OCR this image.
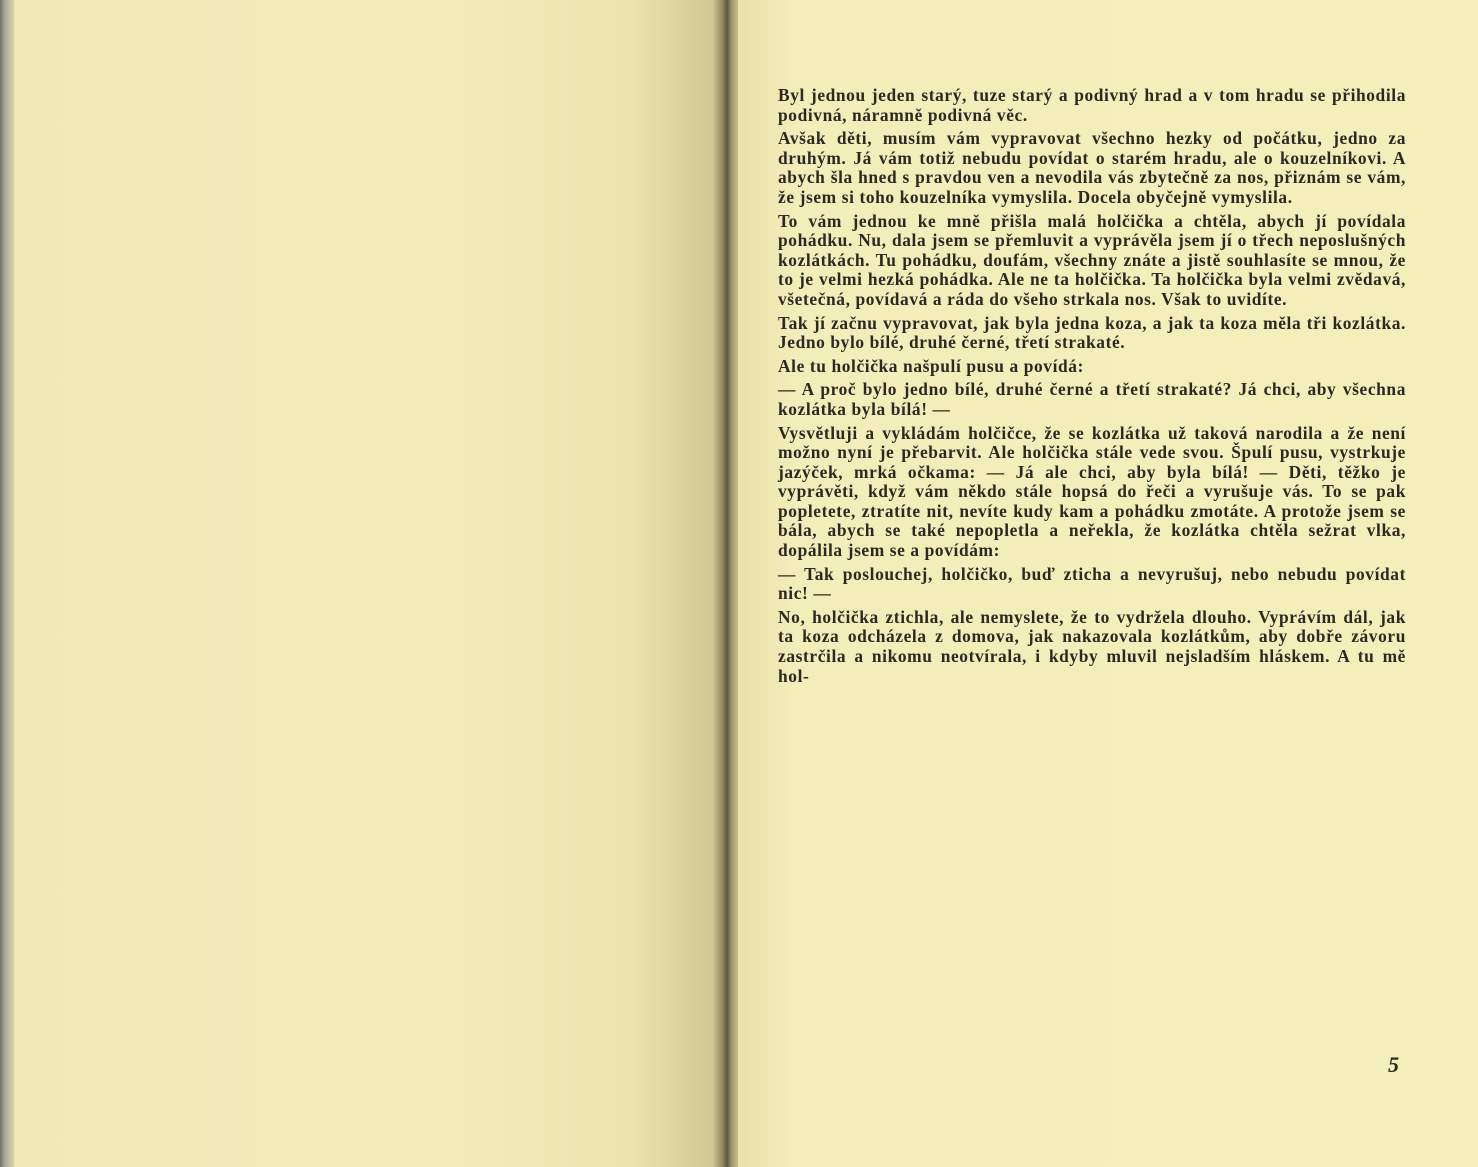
Byl jednou jeden starý, tuze starý a podivný hrad a v tom hradu se přihodila podivná, náramně podivná věc.

Avšak děti, musím vám vypravovat všechno hezky od počátku, jedno za druhým. Já vám totiž nebudu povídat o starém hradu, ale o kouzelníkovi. A abych šla hned s pravdou ven a nevodila vás zbytečně za nos, přiznám se vám, že jsem si toho kouzelníka vymyslila. Docela obyčejně vymyslila.

To vám jednou ke mně přišla malá holčička a chtěla, abych jí povídala pohádku. Nu, dala jsem se přemluvit a vyprávěla jsem jí o třech neposlušných kozlátkách. Tu pohádku, doufám, všechny znáte a jistě souhlasíte se mnou, že to je velmi hezká pohádka. Ale ne ta holčička. Ta holčička byla velmi zvědavá, všetečná, povídavá a ráda do všeho strkala nos. Však to uvidíte.

Tak jí začnu vypravovat, jak byla jedna koza, a jak ta koza měla tři kozlátka. Jedno bylo bílé, druhé černé, třetí strakaté.

Ale tu holčička našpulí pusu a povídá:

— A proč bylo jedno bílé, druhé černé a třetí strakaté? Já chci, aby všechna kozlátka byla bílá! —

Vysvětluji a vykládám holčičce, že se kozlátka už taková narodila a že není možno nyní je přebarvit. Ale holčička stále vede svou. Špulí pusu, vystrkuje jazýček, mrká očkama: — Já ale chci, aby byla bílá! — Děti, těžko je vyprávěti, když vám někdo stále hopsá do řeči a vyrušuje vás. To se pak popletete, ztratíte nit, nevíte kudy kam a pohádku zmotáte. A protože jsem se bála, abych se také nepopletla a neřekla, že kozlátka chtěla sežrat vlka, dopálila jsem se a povídám:

— Tak poslouchej, holčičko, buď zticha a nevyrušuj, nebo nebudu povídat nic! —

No, holčička ztichla, ale nemyslete, že to vydržela dlouho. Vyprávím dál, jak ta koza odcházela z domova, jak nakazovala kozlátkům, aby dobře závoru zastrčila a nikomu neotvírala, i kdyby mluvil nejsladším hláskem. A tu mě hol-

5
